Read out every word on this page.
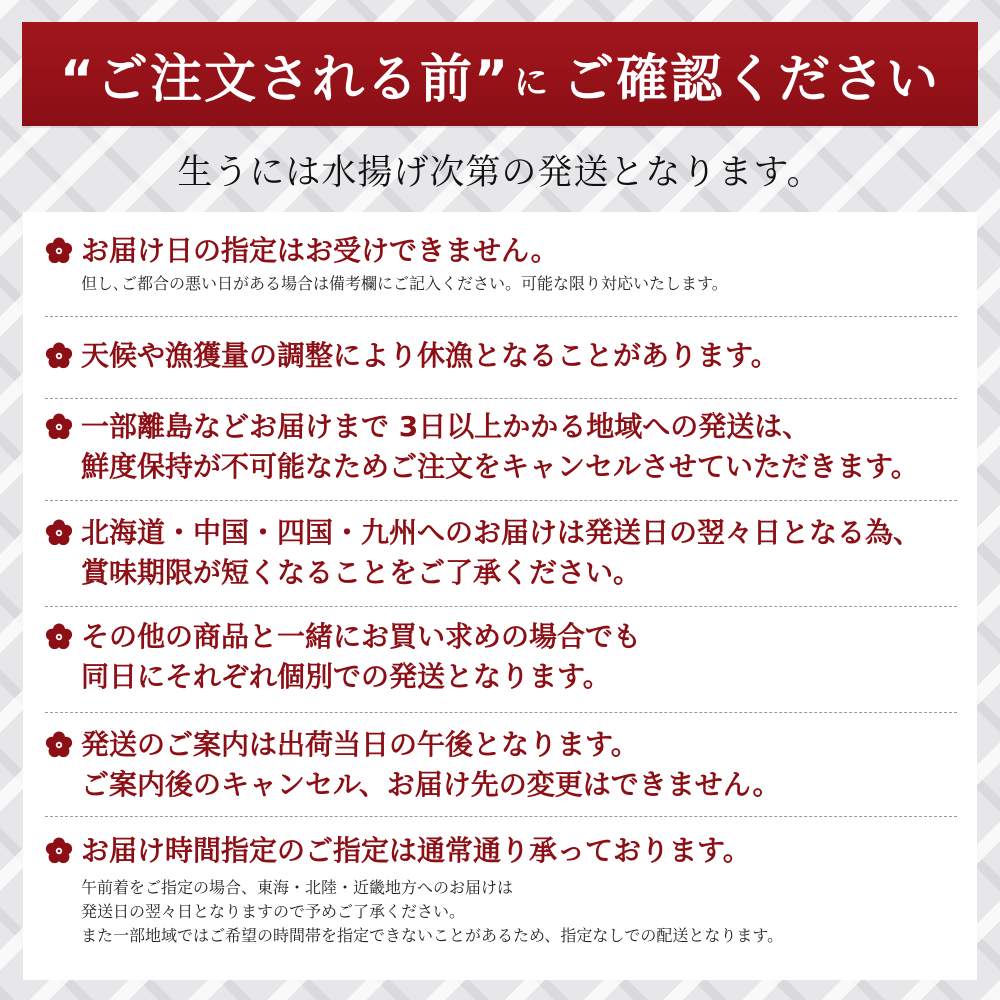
“ご注文される前” に ご確認ください
生うには水揚げ次第の発送となります。
お届け日の指定はお受けできません。
但し､ご都合の悪い日がある場合は備考欄にご記入ください。可能な限り対応いたします。
天候や漁獲量の調整により休漁となることがあります。
一部離島などお届けまで 3日以上かかる地域への発送は、
鮮度保持が不可能なためご注文をキャンセルさせていただきます。
北海道・中国・四国・九州へのお届けは発送日の翌々日となる為、
賞味期限が短くなることをご了承ください。
その他の商品と一緒にお買い求めの場合でも
同日にそれぞれ個別での発送となります。
発送のご案内は出荷当日の午後となります。
ご案内後のキャンセル、お届け先の変更はできません。
お届け時間指定のご指定は通常通り承っております。
午前着をご指定の場合、東海・北陸・近畿地方へのお届けは
発送日の翌々日となりますので予めご了承ください。
また一部地域ではご希望の時間帯を指定できないことがあるため、指定なしでの配送となります。
